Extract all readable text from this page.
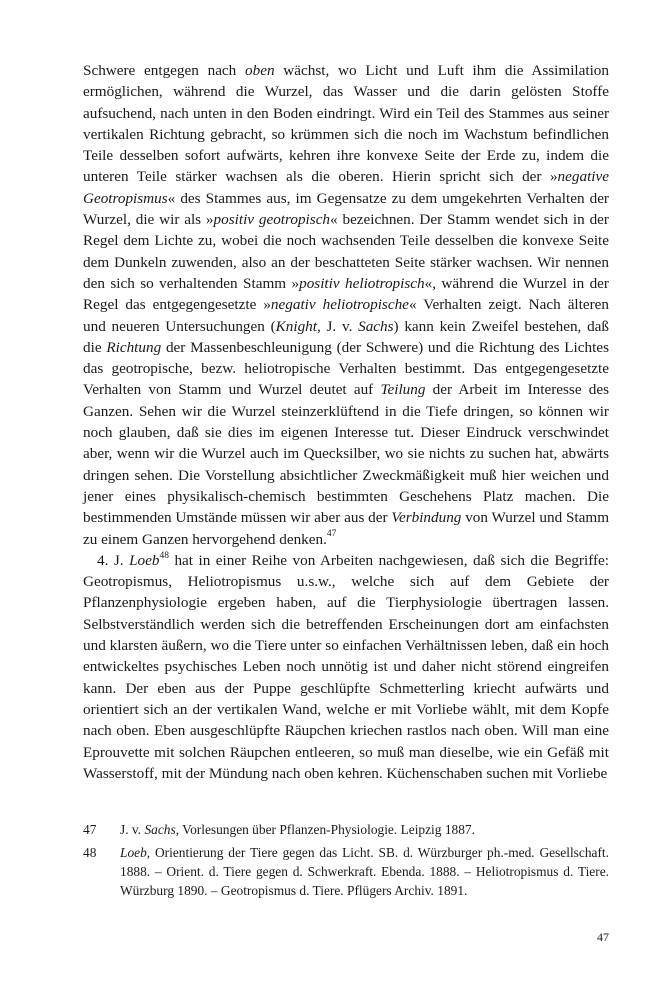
Schwere entgegen nach oben wächst, wo Licht und Luft ihm die Assimilation ermöglichen, während die Wurzel, das Wasser und die darin gelösten Stoffe aufsuchend, nach unten in den Boden eindringt. Wird ein Teil des Stammes aus seiner vertikalen Richtung gebracht, so krümmen sich die noch im Wachstum befindlichen Teile desselben sofort aufwärts, kehren ihre konvexe Seite der Erde zu, indem die unteren Teile stärker wachsen als die oberen. Hierin spricht sich der »negative Geotropismus« des Stammes aus, im Gegensatze zu dem umgekehrten Verhalten der Wurzel, die wir als »positiv geotropisch« bezeichnen. Der Stamm wendet sich in der Regel dem Lichte zu, wobei die noch wachsenden Teile desselben die konvexe Seite dem Dunkeln zuwenden, also an der beschatteten Seite stärker wachsen. Wir nennen den sich so verhaltenden Stamm »positiv heliotropisch«, während die Wurzel in der Regel das entgegengesetzte »negativ heliotropische« Verhalten zeigt. Nach älteren und neueren Untersuchungen (Knight, J. v. Sachs) kann kein Zweifel bestehen, daß die Richtung der Massenbeschleunigung (der Schwere) und die Richtung des Lichtes das geotropische, bezw. heliotropische Verhalten bestimmt. Das entgegengesetzte Verhalten von Stamm und Wurzel deutet auf Teilung der Arbeit im Interesse des Ganzen. Sehen wir die Wurzel steinzerklüftend in die Tiefe dringen, so können wir noch glauben, daß sie dies im eigenen Interesse tut. Dieser Eindruck verschwindet aber, wenn wir die Wurzel auch im Quecksilber, wo sie nichts zu suchen hat, abwärts dringen sehen. Die Vorstellung absichtlicher Zweckmäßigkeit muß hier weichen und jener eines physikalisch-chemisch bestimmten Geschehens Platz machen. Die bestimmenden Umstände müssen wir aber aus der Verbindung von Wurzel und Stamm zu einem Ganzen hervorgehend denken.$^{47}$

4. J. Loeb$^{48}$ hat in einer Reihe von Arbeiten nachgewiesen, daß sich die Begriffe: Geotropismus, Heliotropismus u.s.w., welche sich auf dem Gebiete der Pflanzenphysiologie ergeben haben, auf die Tierphysiologie übertragen lassen. Selbstverständlich werden sich die betreffenden Erscheinungen dort am einfachsten und klarsten äußern, wo die Tiere unter so einfachen Verhältnissen leben, daß ein hoch entwickeltes psychisches Leben noch unnötig ist und daher nicht störend eingreifen kann. Der eben aus der Puppe geschlüpfte Schmetterling kriecht aufwärts und orientiert sich an der vertikalen Wand, welche er mit Vorliebe wählt, mit dem Kopfe nach oben. Eben ausgeschlüpfte Räupchen kriechen rastlos nach oben. Will man eine Eprouvette mit solchen Räupchen entleeren, so muß man dieselbe, wie ein Gefäß mit Wasserstoff, mit der Mündung nach oben kehren. Küchenschaben suchen mit Vorliebe

47	J. v. Sachs, Vorlesungen über Pflanzen-Physiologie. Leipzig 1887.
48	Loeb, Orientierung der Tiere gegen das Licht. SB. d. Würzburger ph.-med. Gesellschaft. 1888. – Orient. d. Tiere gegen d. Schwerkraft. Ebenda. 1888. – Heliotropismus d. Tiere. Würzburg 1890. – Geotropismus d. Tiere. Pflügers Archiv. 1891.
47
